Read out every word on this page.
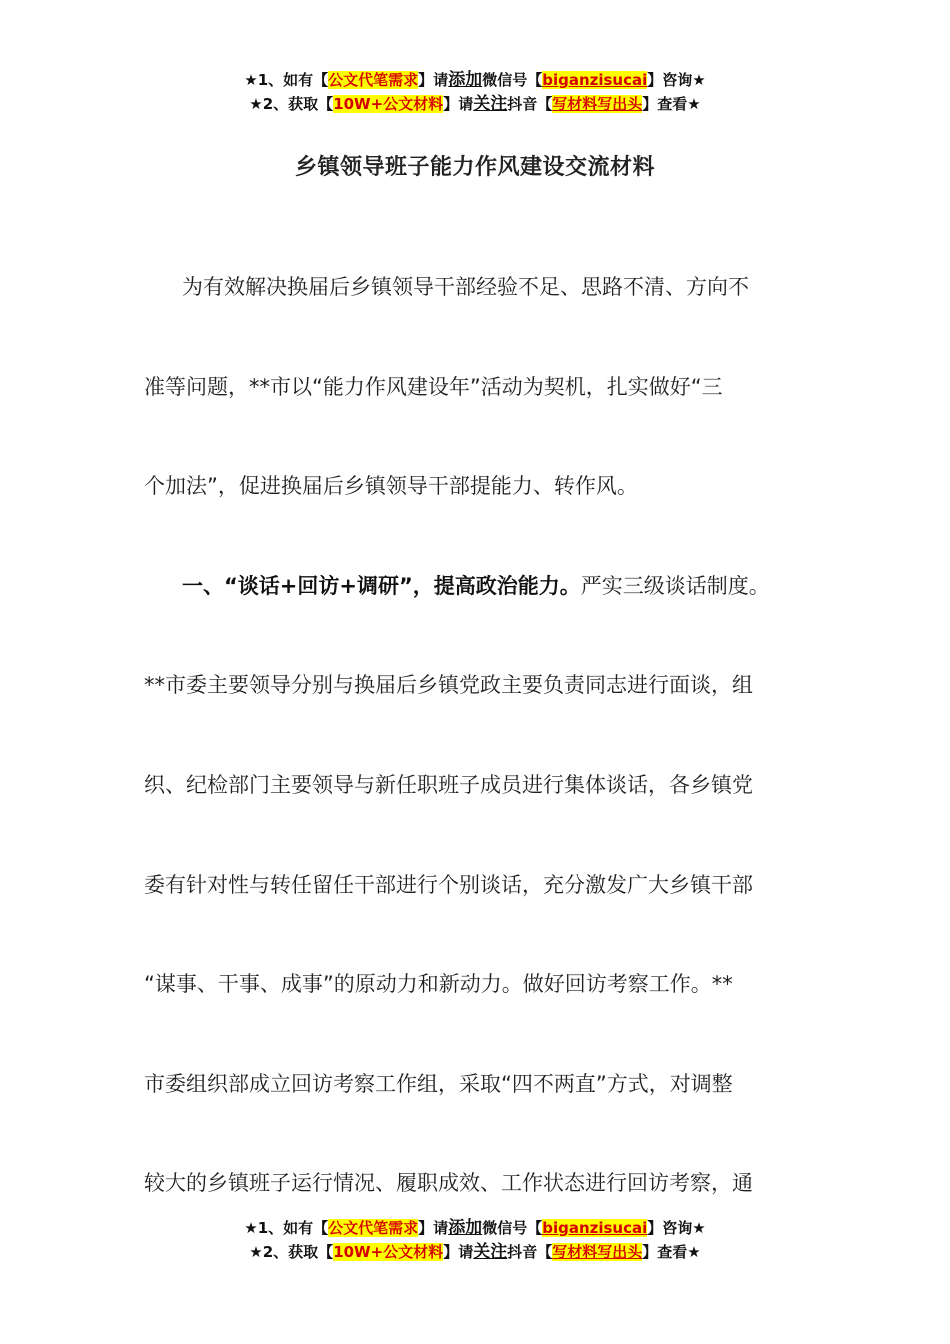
★1、如有【公文代笔需求】请添加微信号【biganzisucai】咨询★
★2、获取【10W+公文材料】请关注抖音【写材料写出头】查看★
乡镇领导班子能力作风建设交流材料
为有效解决换届后乡镇领导干部经验不足、思路不清、方向不
准等问题，**市以“能力作风建设年”活动为契机，扎实做好“三
个加法”，促进换届后乡镇领导干部提能力、转作风。
一、“谈话+回访+调研”，提高政治能力。严实三级谈话制度。
**市委主要领导分别与换届后乡镇党政主要负责同志进行面谈，组
织、纪检部门主要领导与新任职班子成员进行集体谈话，各乡镇党
委有针对性与转任留任干部进行个别谈话，充分激发广大乡镇干部
“谋事、干事、成事”的原动力和新动力。做好回访考察工作。**
市委组织部成立回访考察工作组，采取“四不两直”方式，对调整
较大的乡镇班子运行情况、履职成效、工作状态进行回访考察，通
★1、如有【公文代笔需求】请添加微信号【biganzisucai】咨询★
★2、获取【10W+公文材料】请关注抖音【写材料写出头】查看★
